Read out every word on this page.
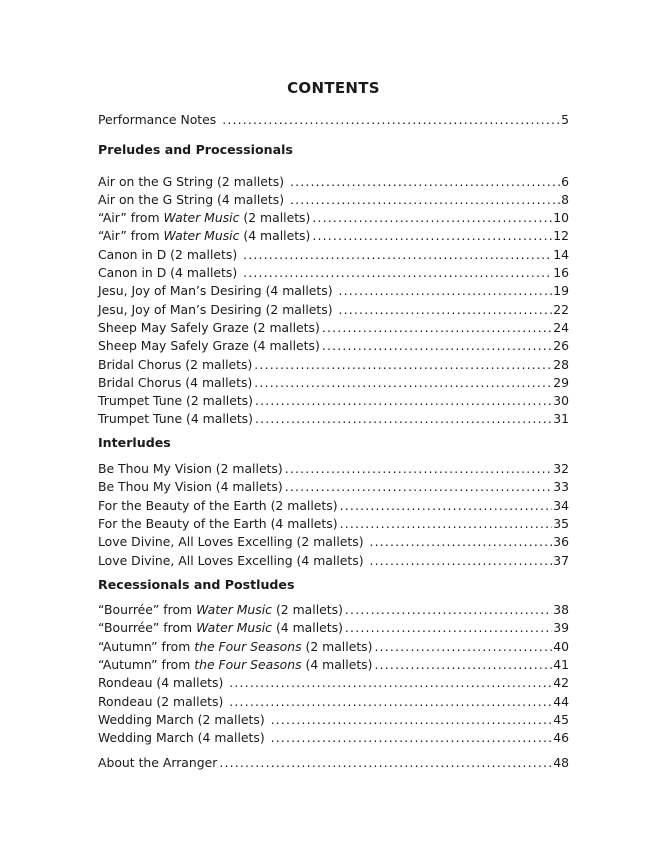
CONTENTS
Performance Notes .....	5
Preludes and Processionals
Air on the G String (2 mallets) .....	6
Air on the G String (4 mallets) .....	8
“Air” from Water Music (2 mallets) .....	10
“Air” from Water Music (4 mallets) .....	12
Canon in D (2 mallets) .....	14
Canon in D (4 mallets) .....	16
Jesu, Joy of Man’s Desiring (4 mallets) .....	19
Jesu, Joy of Man’s Desiring (2 mallets) .....	22
Sheep May Safely Graze (2 mallets) .....	24
Sheep May Safely Graze (4 mallets) .....	26
Bridal Chorus (2 mallets) .....	28
Bridal Chorus (4 mallets) .....	29
Trumpet Tune (2 mallets) .....	30
Trumpet Tune (4 mallets) .....	31
Interludes
Be Thou My Vision (2 mallets) .....	32
Be Thou My Vision (4 mallets) .....	33
For the Beauty of the Earth (2 mallets) .....	34
For the Beauty of the Earth (4 mallets) .....	35
Love Divine, All Loves Excelling (2 mallets) .....	36
Love Divine, All Loves Excelling (4 mallets) .....	37
Recessionals and Postludes
“Bourrée” from Water Music (2 mallets) .....	38
“Bourrée” from Water Music (4 mallets) .....	39
“Autumn” from the Four Seasons (2 mallets) .....	40
“Autumn” from the Four Seasons (4 mallets) .....	41
Rondeau (4 mallets) .....	42
Rondeau (2 mallets) .....	44
Wedding March (2 mallets) .....	45
Wedding March (4 mallets) .....	46
About the Arranger .....	48
